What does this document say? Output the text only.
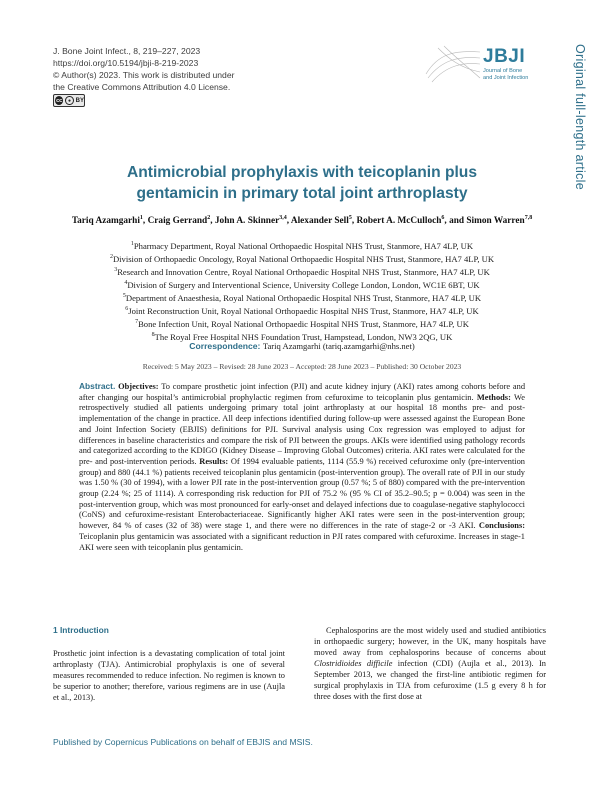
J. Bone Joint Infect., 8, 219–227, 2023
https://doi.org/10.5194/jbji-8-219-2023
© Author(s) 2023. This work is distributed under
the Creative Commons Attribution 4.0 License.
cc	● BY
JBJI
Journal of Bone
and Joint Infection	Original full-length article
Antimicrobial prophylaxis with teicoplanin plus
gentamicin in primary total joint arthroplasty
Tariq Azamgarhi$^1$, Craig Gerrand$^2$, John A. Skinner$^{3,4}$, Alexander Sell$^5$, Robert A. McCulloch$^6$, and Simon Warren$^{7,8}$
$^1$Pharmacy Department, Royal National Orthopaedic Hospital NHS Trust, Stanmore, HA7 4LP, UK
$^2$Division of Orthopaedic Oncology, Royal National Orthopaedic Hospital NHS Trust, Stanmore, HA7 4LP, UK
$^3$Research and Innovation Centre, Royal National Orthopaedic Hospital NHS Trust, Stanmore, HA7 4LP, UK
$^4$Division of Surgery and Interventional Science, University College London, London, WC1E 6BT, UK
$^5$Department of Anaesthesia, Royal National Orthopaedic Hospital NHS Trust, Stanmore, HA7 4LP, UK
$^6$Joint Reconstruction Unit, Royal National Orthopaedic Hospital NHS Trust, Stanmore, HA7 4LP, UK
$^7$Bone Infection Unit, Royal National Orthopaedic Hospital NHS Trust, Stanmore, HA7 4LP, UK
$^8$The Royal Free Hospital NHS Foundation Trust, Hampstead, London, NW3 2QG, UK
Correspondence: Tariq Azamgarhi (tariq.azamgarhi@nhs.net)
Received: 5 May 2023 – Revised: 28 June 2023 – Accepted: 28 June 2023 – Published: 30 October 2023
Abstract. Objectives: To compare prosthetic joint infection (PJI) and acute kidney injury (AKI) rates among cohorts before and after changing our hospital’s antimicrobial prophylactic regimen from cefuroxime to teicoplanin plus gentamicin. Methods: We retrospectively studied all patients undergoing primary total joint arthroplasty at our hospital 18 months pre- and post-implementation of the change in practice. All deep infections identified during follow-up were assessed against the European Bone and Joint Infection Society (EBJIS) definitions for PJI. Survival analysis using Cox regression was employed to adjust for differences in baseline characteristics and compare the risk of PJI between the groups. AKIs were identified using pathology records and categorized according to the KDIGO (Kidney Disease – Improving Global Outcomes) criteria. AKI rates were calculated for the pre- and post-intervention periods. Results: Of 1994 evaluable patients, 1114 (55.9 %) received cefuroxime only (pre-intervention group) and 880 (44.1 %) patients received teicoplanin plus gentamicin (post-intervention group). The overall rate of PJI in our study was 1.50 % (30 of 1994), with a lower PJI rate in the post-intervention group (0.57 %; 5 of 880) compared with the pre-intervention group (2.24 %; 25 of 1114). A corresponding risk reduction for PJI of 75.2 % (95 % CI of 35.2–90.5; p = 0.004) was seen in the post-intervention group, which was most pronounced for early-onset and delayed infections due to coagulase-negative staphylococci (CoNS) and cefuroxime-resistant Enterobacteriaceae. Significantly higher AKI rates were seen in the post-intervention group; however, 84 % of cases (32 of 38) were stage 1, and there were no differences in the rate of stage-2 or -3 AKI. Conclusions: Teicoplanin plus gentamicin was associated with a significant reduction in PJI rates compared with cefuroxime. Increases in stage-1 AKI were seen with teicoplanin plus gentamicin.
1 Introduction
Prosthetic joint infection is a devastating complication of total joint arthroplasty (TJA). Antimicrobial prophylaxis is one of several measures recommended to reduce infection. No regimen is known to be superior to another; therefore, various regimens are in use (Aujla et al., 2013).
Cephalosporins are the most widely used and studied antibiotics in orthopaedic surgery; however, in the UK, many hospitals have moved away from cephalosporins because of concerns about Clostridioides difficile infection (CDI) (Aujla et al., 2013). In September 2013, we changed the first-line antibiotic regimen for surgical prophylaxis in TJA from cefuroxime (1.5 g every 8 h for three doses with the first dose at
Published by Copernicus Publications on behalf of EBJIS and MSIS.
